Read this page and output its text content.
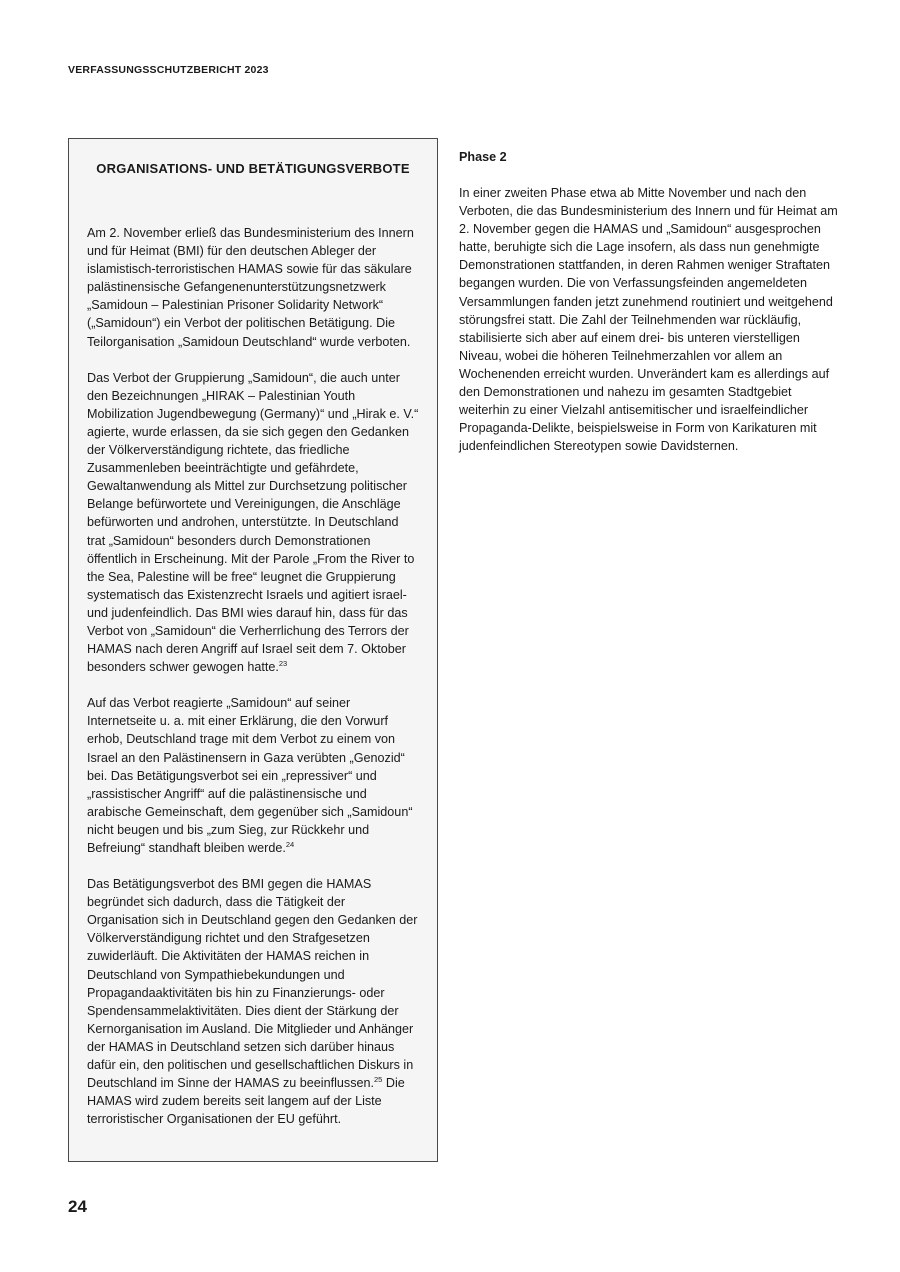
VERFASSUNGSSCHUTZBERICHT 2023
ORGANISATIONS- UND BETÄTIGUNGSVERBOTE

Am 2. November erließ das Bundesministerium des Innern und für Heimat (BMI) für den deutschen Ableger der islamistisch-terroristischen HAMAS sowie für das säkulare palästinensische Gefangenenunterstützungsnetzwerk „Samidoun – Palestinian Prisoner Solidarity Network“ („Samidoun“) ein Verbot der politischen Betätigung. Die Teilorganisation „Samidoun Deutschland“ wurde verboten.

Das Verbot der Gruppierung „Samidoun“, die auch unter den Bezeichnungen „HIRAK – Palestinian Youth Mobilization Jugendbewegung (Germany)“ und „Hirak e. V.“ agierte, wurde erlassen, da sie sich gegen den Gedanken der Völkerverständigung richtete, das friedliche Zusammenleben beeinträchtigte und gefährdete, Gewaltanwendung als Mittel zur Durchsetzung politischer Belange befürwortete und Vereinigungen, die Anschläge befürworten und androhen, unterstützte. In Deutschland trat „Samidoun“ besonders durch Demonstrationen öffentlich in Erscheinung. Mit der Parole „From the River to the Sea, Palestine will be free“ leugnet die Gruppierung systematisch das Existenzrecht Israels und agitiert israel- und judenfeindlich. Das BMI wies darauf hin, dass für das Verbot von „Samidoun“ die Verherrlichung des Terrors der HAMAS nach deren Angriff auf Israel seit dem 7. Oktober besonders schwer gewogen hatte.$^{23}$

Auf das Verbot reagierte „Samidoun“ auf seiner Internetseite u. a. mit einer Erklärung, die den Vorwurf erhob, Deutschland trage mit dem Verbot zu einem von Israel an den Palästinensern in Gaza verübten „Genozid“ bei. Das Betätigungsverbot sei ein „repressiver“ und „rassistischer Angriff“ auf die palästinensische und arabische Gemeinschaft, dem gegenüber sich „Samidoun“ nicht beugen und bis „zum Sieg, zur Rückkehr und Befreiung“ standhaft bleiben werde.$^{24}$

Das Betätigungsverbot des BMI gegen die HAMAS begründet sich dadurch, dass die Tätigkeit der Organisation sich in Deutschland gegen den Gedanken der Völkerverständigung richtet und den Strafgesetzen zuwiderläuft. Die Aktivitäten der HAMAS reichen in Deutschland von Sympathiebekundungen und Propagandaaktivitäten bis hin zu Finanzierungs- oder Spendensammelaktivitäten. Dies dient der Stärkung der Kernorganisation im Ausland. Die Mitglieder und Anhänger der HAMAS in Deutschland setzen sich darüber hinaus dafür ein, den politischen und gesellschaftlichen Diskurs in Deutschland im Sinne der HAMAS zu beeinflussen.$^{25}$ Die HAMAS wird zudem bereits seit langem auf der Liste terroristischer Organisationen der EU geführt.

Phase 2

In einer zweiten Phase etwa ab Mitte November und nach den Verboten, die das Bundesministerium des Innern und für Heimat am 2. November gegen die HAMAS und „Samidoun“ ausgesprochen hatte, beruhigte sich die Lage insofern, als dass nun genehmigte Demonstrationen stattfanden, in deren Rahmen weniger Straftaten begangen wurden. Die von Verfassungsfeinden angemeldeten Versammlungen fanden jetzt zunehmend routiniert und weitgehend störungsfrei statt. Die Zahl der Teilnehmenden war rückläufig, stabilisierte sich aber auf einem drei- bis unteren vierstelligen Niveau, wobei die höheren Teilnehmerzahlen vor allem an Wochenenden erreicht wurden. Unverändert kam es allerdings auf den Demonstrationen und nahezu im gesamten Stadtgebiet weiterhin zu einer Vielzahl antisemitischer und israelfeindlicher Propaganda-Delikte, beispielsweise in Form von Karikaturen mit judenfeindlichen Stereotypen sowie Davidsternen.

24
